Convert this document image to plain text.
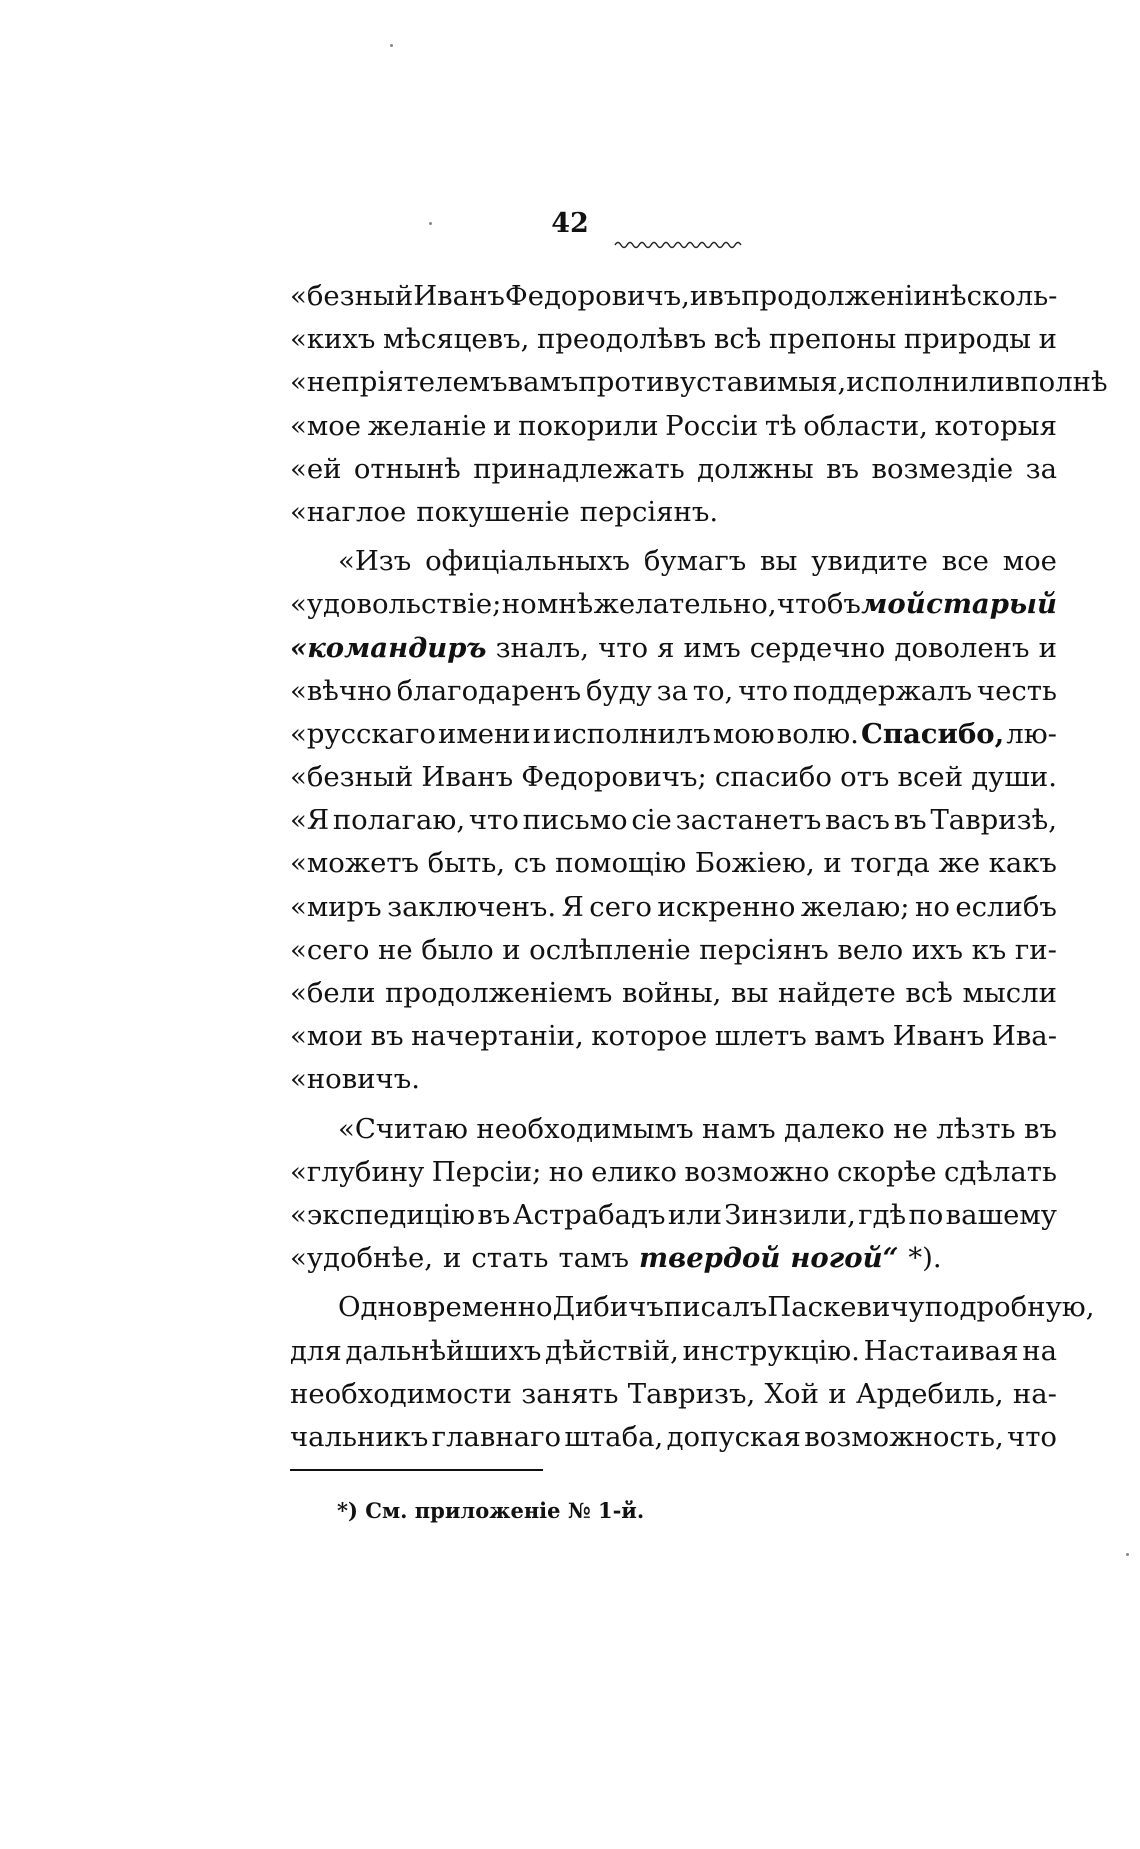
42
«безный Иванъ Федоровичъ, и въ продолженіи нѣсколь-
«кихъ мѣсяцевъ, преодолѣвъ всѣ препоны природы и
«непріятелемъ вамъ противуставимыя, исполнили вполнѣ
«мое желаніе и покорили Россіи тѣ области, которыя
«ей отнынѣ принадлежать должны въ возмездіе за
«наглое покушеніе персіянъ.
«Изъ офиціальныхъ бумагъ вы увидите все мое
«удовольствіе; но мнѣ желательно, чтобъ мой старый
«командиръ зналъ, что я имъ сердечно доволенъ и
«вѣчно благодаренъ буду за то, что поддержалъ честь
«русскаго имени и исполнилъ мою волю. Спасибо, лю-
«безный Иванъ Федоровичъ; спасибо отъ всей души.
«Я полагаю, что письмо сіе застанетъ васъ въ Тавризѣ,
«можетъ быть, съ помощію Божіею, и тогда же какъ
«миръ заключенъ. Я сего искренно желаю; но еслибъ
«сего не было и ослѣпленіе персіянъ вело ихъ къ ги-
«бели продолженіемъ войны, вы найдете всѣ мысли
«мои въ начертаніи, которое шлетъ вамъ Иванъ Ива-
«новичъ.
«Считаю необходимымъ намъ далеко не лѣзть въ
«глубину Персіи; но елико возможно скорѣе сдѣлать
«экспедицію въ Астрабадъ или Зинзили, гдѣ по вашему
«удобнѣе, и стать тамъ твердой ногой“ *).
Одновременно Дибичъ писалъ Паскевичу подробную,
для дальнѣйшихъ дѣйствій, инструкцію. Настаивая на
необходимости занять Тавризъ, Хой и Ардебиль, на-
чальникъ главнаго штаба, допуская возможность, что
*) См. приложеніе № 1-й.
